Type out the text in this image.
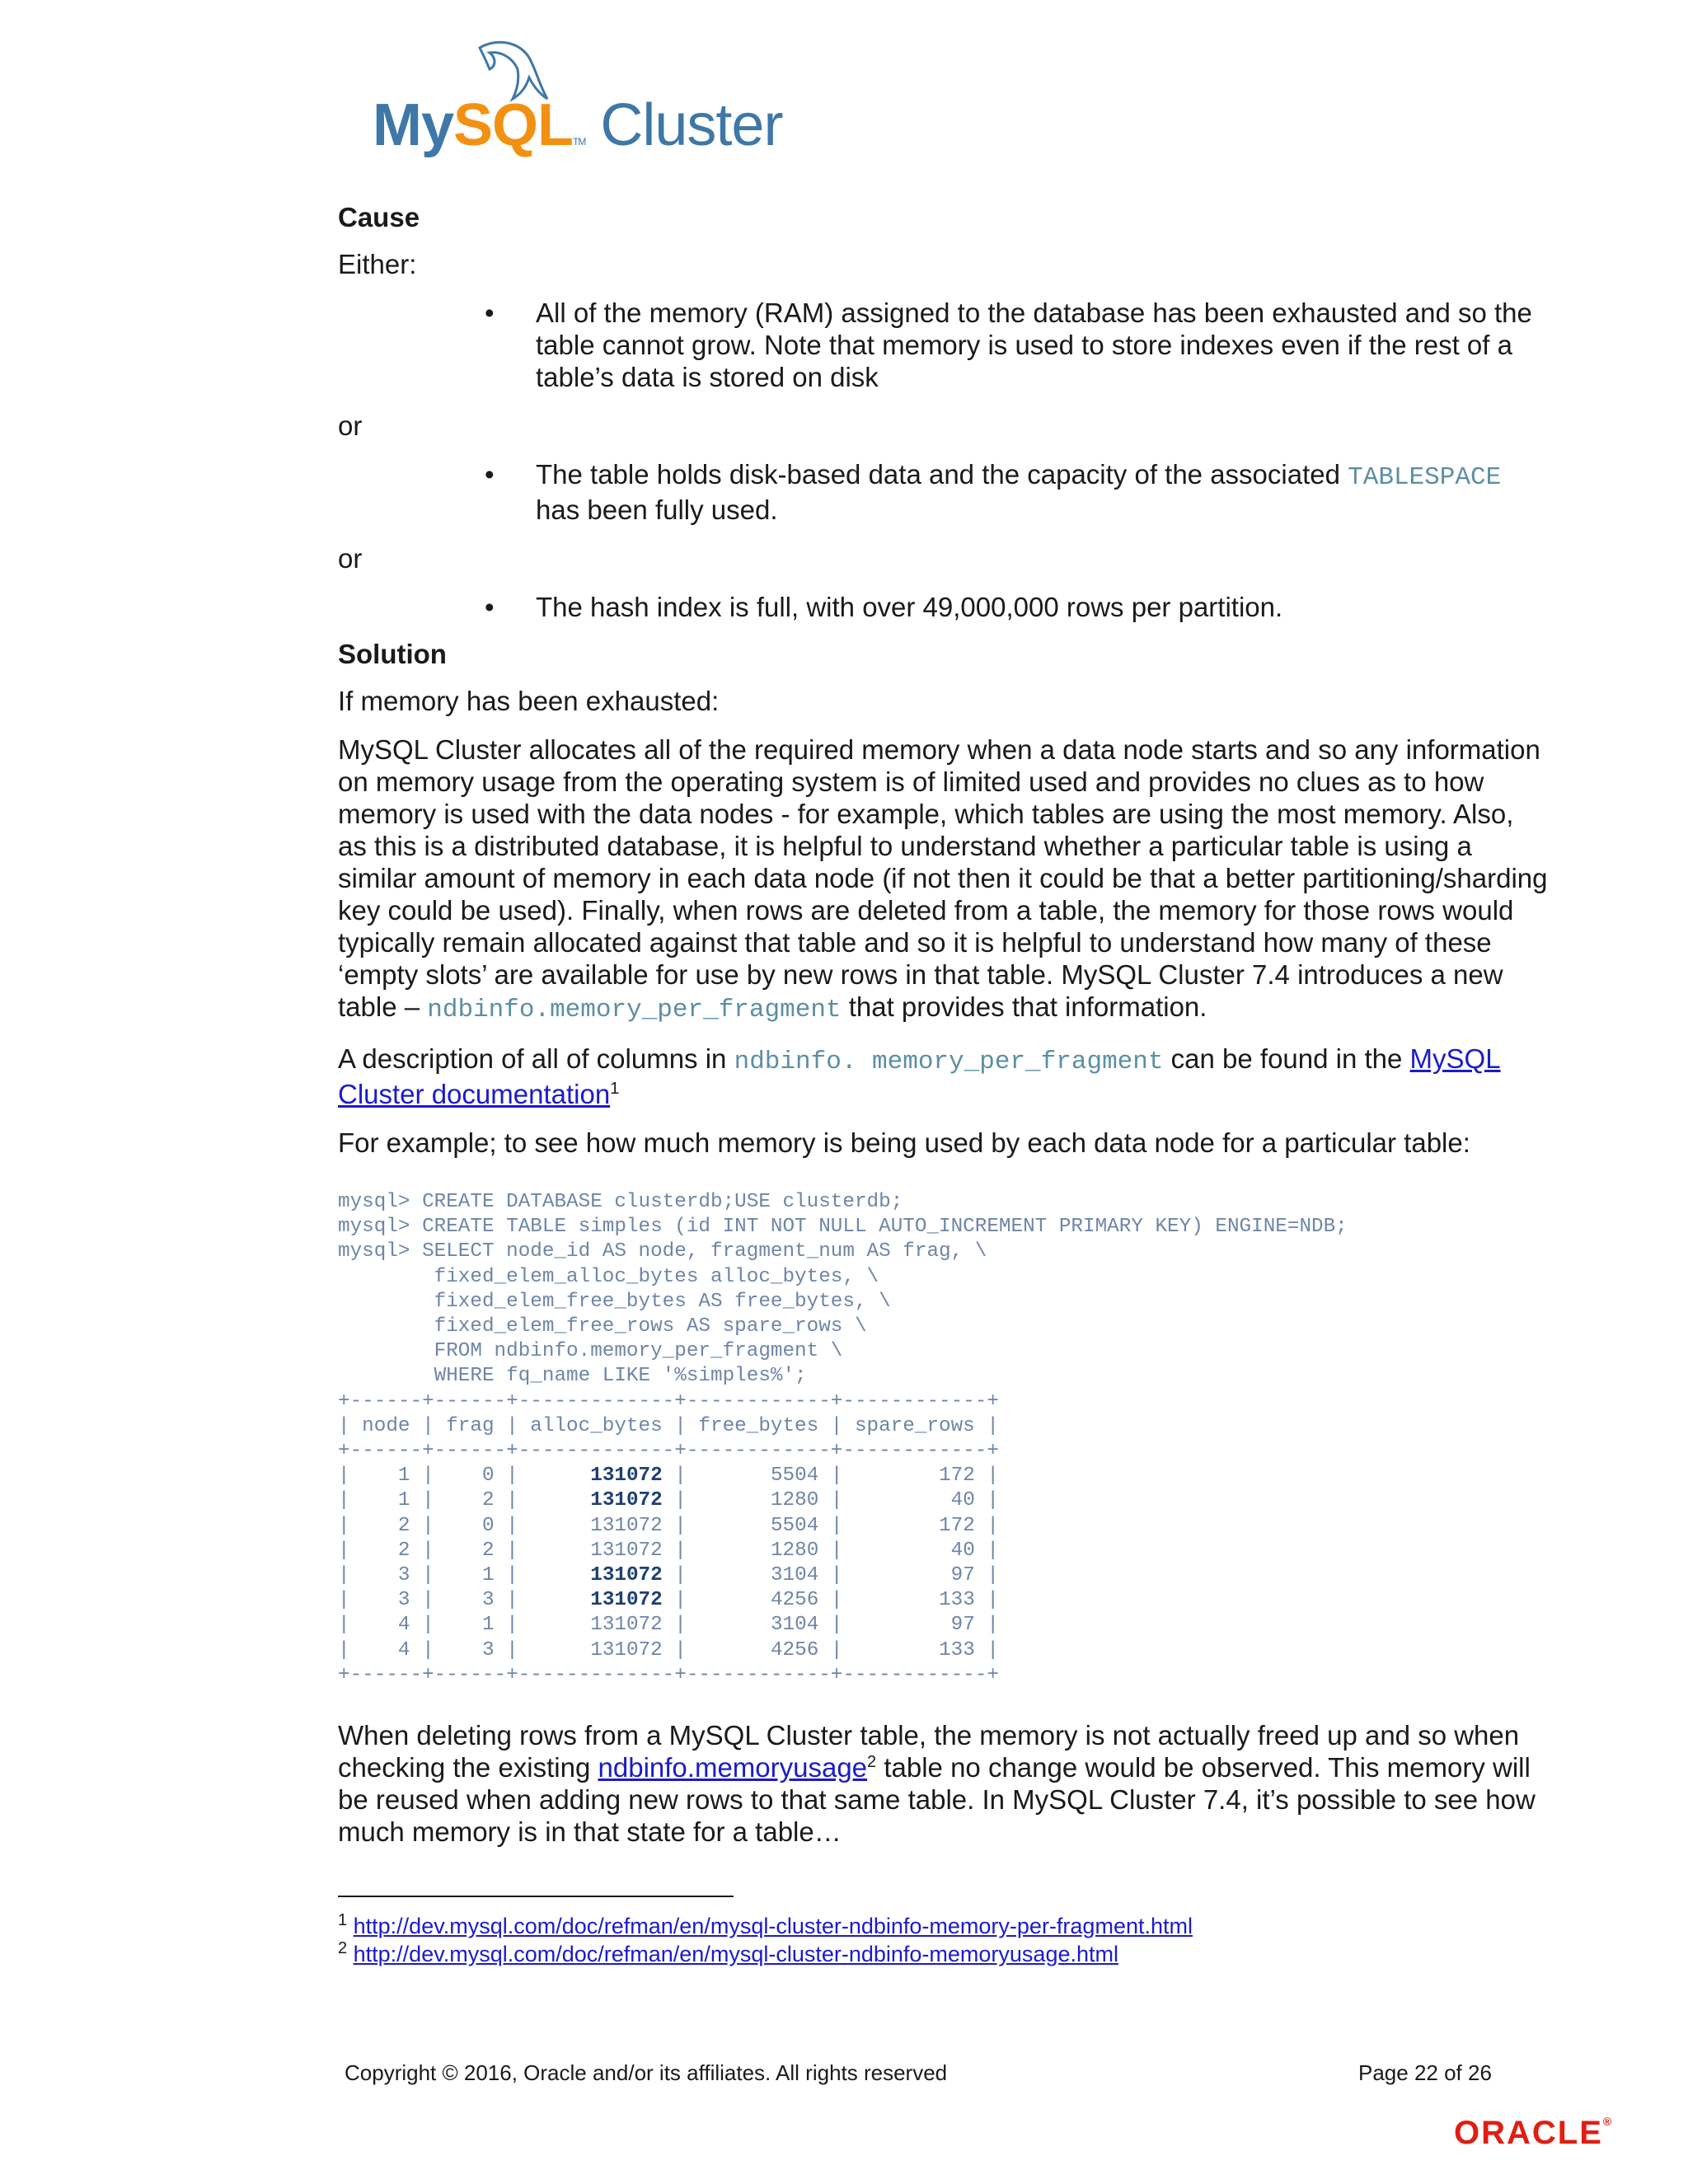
MySQLTM Cluster

Cause

Either:

• All of the memory (RAM) assigned to the database has been exhausted and so the table cannot grow. Note that memory is used to store indexes even if the rest of a table’s data is stored on disk

or

• The table holds disk-based data and the capacity of the associated TABLESPACE
has been fully used.

or

• The hash index is full, with over 49,000,000 rows per partition.

Solution

If memory has been exhausted:

MySQL Cluster allocates all of the required memory when a data node starts and so any information on memory usage from the operating system is of limited used and provides no clues as to how memory is used with the data nodes - for example, which tables are using the most memory. Also, as this is a distributed database, it is helpful to understand whether a particular table is using a similar amount of memory in each data node (if not then it could be that a better partitioning/sharding key could be used). Finally, when rows are deleted from a table, the memory for those rows would typically remain allocated against that table and so it is helpful to understand how many of these ‘empty slots’ are available for use by new rows in that table. MySQL Cluster 7.4 introduces a new table – ndbinfo.memory_per_fragment that provides that information.

A description of all of columns in ndbinfo. memory_per_fragment can be found in the MySQL Cluster documentation$^1$

For example; to see how much memory is being used by each data node for a particular table:

mysql> CREATE DATABASE clusterdb;USE clusterdb;
mysql> CREATE TABLE simples (id INT NOT NULL AUTO_INCREMENT PRIMARY KEY) ENGINE=NDB;
mysql> SELECT node_id AS node, fragment_num AS frag, \
fixed_elem_alloc_bytes alloc_bytes, \
fixed_elem_free_bytes AS free_bytes, \
fixed_elem_free_rows AS spare_rows \
FROM ndbinfo.memory_per_fragment \
WHERE fq_name LIKE '%simples%';
+------+------+-------------+------------+------------+
| node | frag | alloc_bytes | free_bytes | spare_rows |
+------+------+-------------+------------+------------+
|    1 |    0 |      131072 |       5504 |        172 |
|    1 |    2 |      131072 |       1280 |         40 |
|    2 |    0 |      131072 |       5504 |        172 |
|    2 |    2 |      131072 |       1280 |         40 |
|    3 |    1 |      131072 |       3104 |         97 |
|    3 |    3 |      131072 |       4256 |        133 |
|    4 |    1 |      131072 |       3104 |         97 |
|    4 |    3 |      131072 |       4256 |        133 |
+------+------+-------------+------------+------------+

When deleting rows from a MySQL Cluster table, the memory is not actually freed up and so when checking the existing ndbinfo.memoryusage$^2$ table no change would be observed. This memory will be reused when adding new rows to that same table. In MySQL Cluster 7.4, it’s possible to see how much memory is in that state for a table…

$^1$ http://dev.mysql.com/doc/refman/en/mysql-cluster-ndbinfo-memory-per-fragment.html
$^2$ http://dev.mysql.com/doc/refman/en/mysql-cluster-ndbinfo-memoryusage.html
Copyright © 2016, Oracle and/or its affiliates. All rights reserved	Page 22 of 26
ORACLE®
